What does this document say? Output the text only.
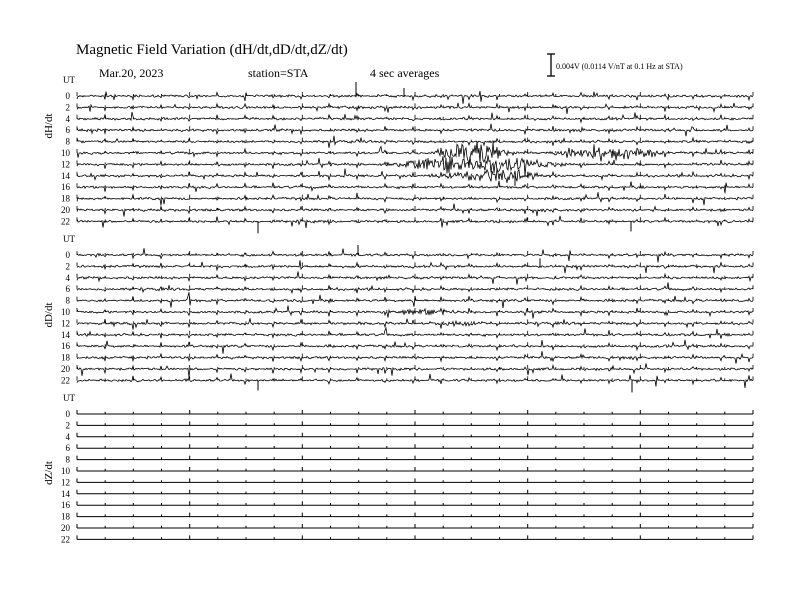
Magnetic Field Variation (dH/dt,dD/dt,dZ/dt)
Mar.20, 2023	station=STA	4 sec averages	0.004V (0.0114 V/nT at 0.1 Hz at STA)
UT
dH/dt
0
2
4
6
8
10
12
14
16
18
20
22
UT
dD/dt
0
2
4
6
8
10
12
14
16
18
20
22
UT
dZ/dt
0
2
4
6
8
10
12
14
16
18
20
22
